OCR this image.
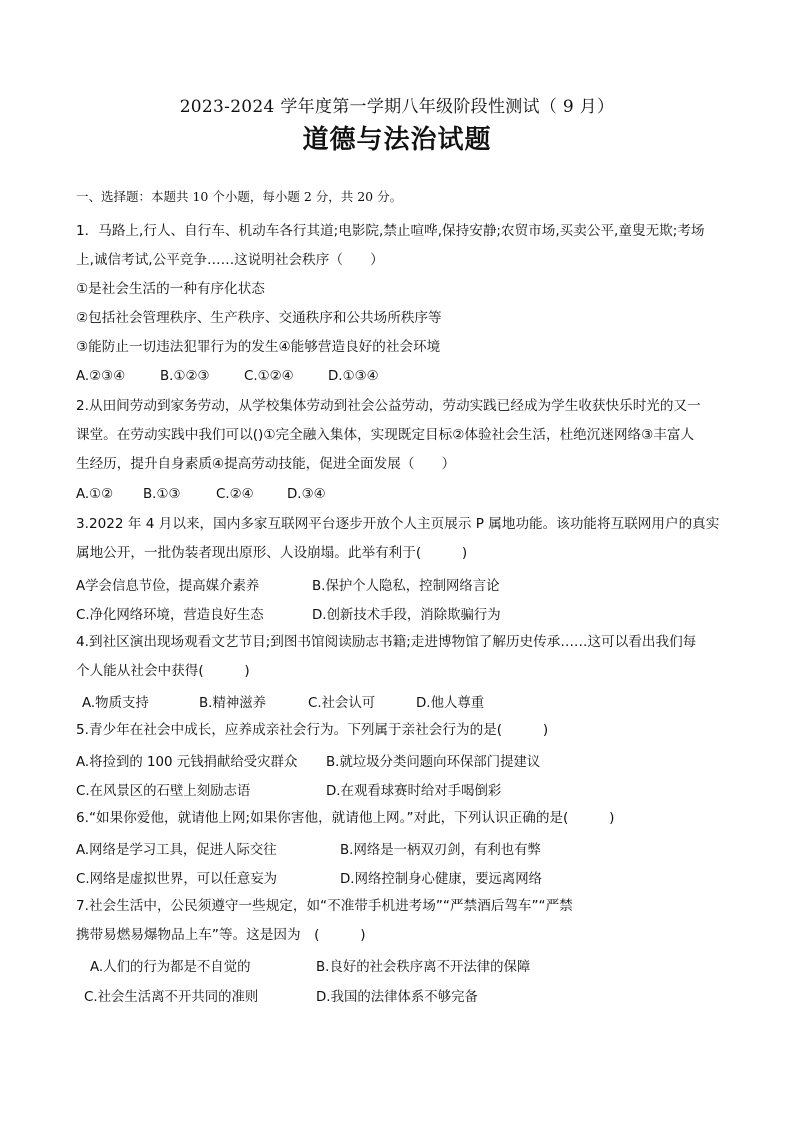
2023-2024 学年度第一学期八年级阶段性测试（ 9 月）
道德与法治试题
一、选择题：本题共 10 个小题，每小题 2 分，共 20 分。
1．马路上,行人、自行车、机动车各行其道;电影院,禁止喧哗,保持安静;农贸市场,买卖公平,童叟无欺;考场
上,诚信考试,公平竞争……这说明社会秩序（　　）
①是社会生活的一种有序化状态
②包括社会管理秩序、生产秩序、交通秩序和公共场所秩序等
③能防止一切违法犯罪行为的发生④能够营造良好的社会环境
A.②③④	B.①②③	C.①②④	D.①③④
2.从田间劳动到家务劳动，从学校集体劳动到社会公益劳动，劳动实践已经成为学生收获快乐时光的又一
课堂。在劳动实践中我们可以()①完全融入集体，实现既定目标②体验社会生活，杜绝沉迷网络③丰富人
生经历，提升自身素质④提高劳动技能，促进全面发展（　　）
A.①② B.①③	C.②④ D.③④
3.2022 年 4 月以来，国内多家互联网平台逐步开放个人主页展示 P 属地功能。该功能将互联网用户的真实
属地公开，一批伪装者现出原形、人设崩塌。此举有利于(　　　)
A学会信息节俭，提高媒介素养	B.保护个人隐私，控制网络言论
C.净化网络环境，营造良好生态	D.创新技术手段，消除欺骗行为
4.到社区演出现场观看文艺节目;到图书馆阅读励志书籍;走进博物馆了解历史传承……这可以看出我们每
个人能从社会中获得(　　　)
A.物质支持	B.精神滋养	C.社会认可	D.他人尊重
5.青少年在社会中成长，应养成亲社会行为。下列属于亲社会行为的是(　　　)
A.将捡到的 100 元钱捐献给受灾群众 B.就垃圾分类问题向环保部门提建议
C.在风景区的石壁上刻励志语	D.在观看球赛时给对手喝倒彩
6.“如果你爱他，就请他上网;如果你害他，就请他上网。”对此，下列认识正确的是(　　　)
A.网络是学习工具，促进人际交往	B.网络是一柄双刃剑，有利也有弊
C.网络是虚拟世界，可以任意妄为	D.网络控制身心健康，要远离网络
7.社会生活中，公民须遵守一些规定，如“不准带手机进考场”“严禁酒后驾车”“严禁
携带易燃易爆物品上车”等。这是因为　(　　　)
A.人们的行为都是不自觉的	B.良好的社会秩序离不开法律的保障
C.社会生活离不开共同的准则	D.我国的法律体系不够完备
